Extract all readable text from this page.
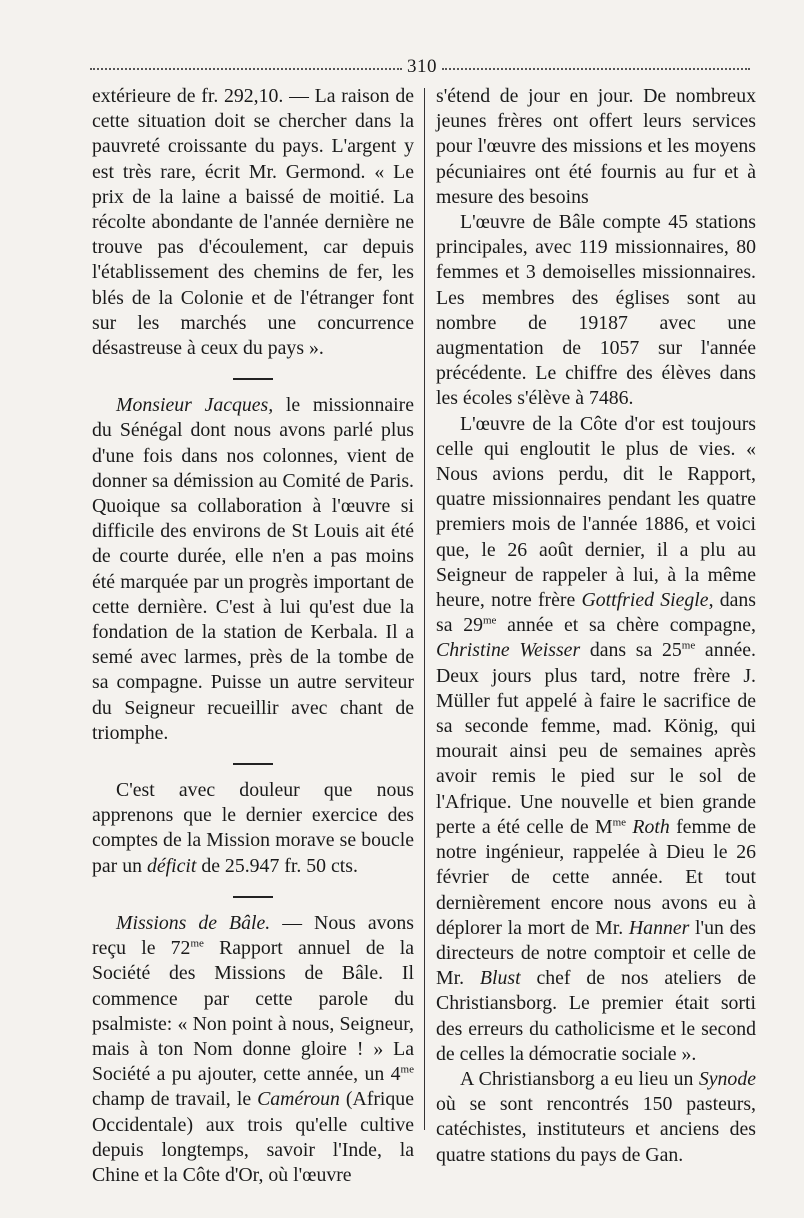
310

extérieure de fr. 292,10. — La raison de cette situation doit se chercher dans la pauvreté croissante du pays. L'argent y est très rare, écrit Mr. Germond. « Le prix de la laine a baissé de moitié. La récolte abondante de l'année dernière ne trouve pas d'écoulement, car depuis l'établissement des chemins de fer, les blés de la Colonie et de l'étranger font sur les marchés une concurrence désastreuse à ceux du pays ».

Monsieur Jacques, le missionnaire du Sénégal dont nous avons parlé plus d'une fois dans nos colonnes, vient de donner sa démission au Comité de Paris. Quoique sa collaboration à l'œuvre si difficile des environs de St Louis ait été de courte durée, elle n'en a pas moins été marquée par un progrès important de cette dernière. C'est à lui qu'est due la fondation de la station de Kerbala. Il a semé avec larmes, près de la tombe de sa compagne. Puisse un autre serviteur du Seigneur recueillir avec chant de triomphe.

C'est avec douleur que nous apprenons que le dernier exercice des comptes de la Mission morave se boucle par un déficit de 25.947 fr. 50 cts.

Missions de Bâle. — Nous avons reçu le $72^{me}$ Rapport annuel de la Société des Missions de Bâle. Il commence par cette parole du psalmiste: « Non point à nous, Seigneur, mais à ton Nom donne gloire ! » La Société a pu ajouter, cette année, un $4^{me}$ champ de travail, le Caméroun (Afrique Occidentale) aux trois qu'elle cultive depuis longtemps, savoir l'Inde, la Chine et la Côte d'Or, où l'œuvre

s'étend de jour en jour. De nombreux jeunes frères ont offert leurs services pour l'œuvre des missions et les moyens pécuniaires ont été fournis au fur et à mesure des besoins

L'œuvre de Bâle compte 45 stations principales, avec 119 missionnaires, 80 femmes et 3 demoiselles missionnaires. Les membres des églises sont au nombre de 19187 avec une augmentation de 1057 sur l'année précédente. Le chiffre des élèves dans les écoles s'élève à 7486.

L'œuvre de la Côte d'or est toujours celle qui engloutit le plus de vies. « Nous avions perdu, dit le Rapport, quatre missionnaires pendant les quatre premiers mois de l'année 1886, et voici que, le 26 août dernier, il a plu au Seigneur de rappeler à lui, à la même heure, notre frère Gottfried Siegle, dans sa $29^{me}$ année et sa chère compagne, Christine Weisser dans sa $25^{me}$ année. Deux jours plus tard, notre frère J. Müller fut appelé à faire le sacrifice de sa seconde femme, mad. König, qui mourait ainsi peu de semaines après avoir remis le pied sur le sol de l'Afrique. Une nouvelle et bien grande perte a été celle de $M^{me}$ Roth femme de notre ingénieur, rappelée à Dieu le 26 février de cette année. Et tout dernièrement encore nous avons eu à déplorer la mort de Mr. Hanner l'un des directeurs de notre comptoir et celle de Mr. Blust chef de nos ateliers de Christiansborg. Le premier était sorti des erreurs du catholicisme et le second de celles la démocratie sociale ».

A Christiansborg a eu lieu un Synode où se sont rencontrés 150 pasteurs, catéchistes, instituteurs et anciens des quatre stations du pays de Gan.
